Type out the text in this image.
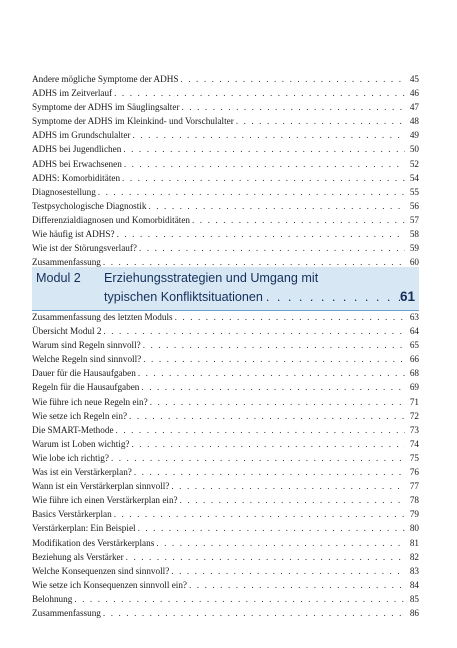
Andere mögliche Symptome der ADHS . . .	45
ADHS im Zeitverlauf . . .	46
Symptome der ADHS im Säuglingsalter . . .	47
Symptome der ADHS im Kleinkind- und Vorschulalter . . .	48
ADHS im Grundschulalter . . .	49
ADHS bei Jugendlichen . . .	50
ADHS bei Erwachsenen . . .	52
ADHS: Komorbiditäten . . .	54
Diagnosestellung . . .	55
Testpsychologische Diagnostik . . .	56
Differenzialdiagnosen und Komorbiditäten . . .	57
Wie häufig ist ADHS? . . .	58
Wie ist der Störungsverlauf? . . .	59
Zusammenfassung . . .	60
Modul 2 Erziehungsstrategien und Umgang mit
typischen Konfliktsituationen . . .	61
Zusammenfassung des letzten Moduls . . .	63
Übersicht Modul 2 . . .	64
Warum sind Regeln sinnvoll? . . .	65
Welche Regeln sind sinnvoll? . . .	66
Dauer für die Hausaufgaben . . .	68
Regeln für die Hausaufgaben . . .	69
Wie führe ich neue Regeln ein? . . .	71
Wie setze ich Regeln ein? . . .	72
Die SMART-Methode . . .	73
Warum ist Loben wichtig? . . .	74
Wie lobe ich richtig? . . .	75
Was ist ein Verstärkerplan? . . .	76
Wann ist ein Verstärkerplan sinnvoll? . . .	77
Wie führe ich einen Verstärkerplan ein? . . .	78
Basics Verstärkerplan . . .	79
Verstärkerplan: Ein Beispiel . . .	80
Modifikation des Verstärkerplans . . .	81
Beziehung als Verstärker . . .	82
Welche Konsequenzen sind sinnvoll? . . .	83
Wie setze ich Konsequenzen sinnvoll ein? . . .	84
Belohnung . . .	85
Zusammenfassung . . .	86
